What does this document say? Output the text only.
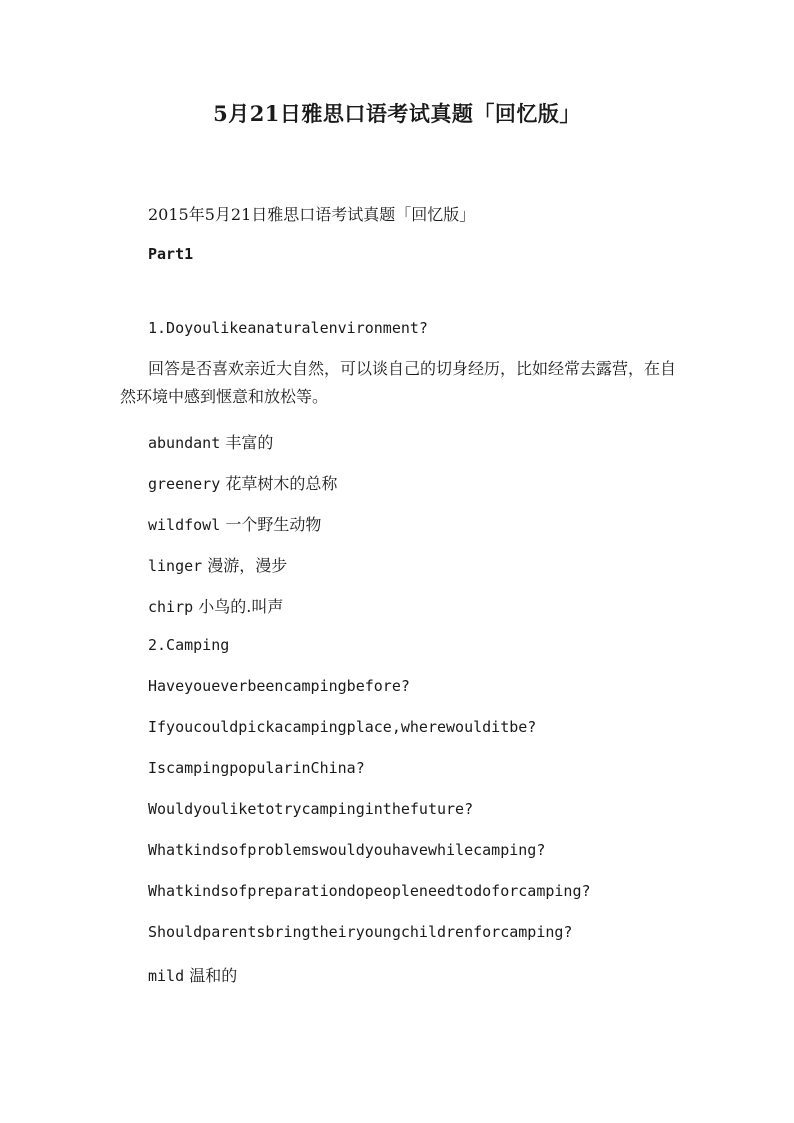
5月21日雅思口语考试真题「回忆版」
2015年5月21日雅思口语考试真题「回忆版」
Part1
1.Doyoulikeanaturalenvironment?
回答是否喜欢亲近大自然，可以谈自己的切身经历，比如经常去露营，在自然环境中感到惬意和放松等。
abundant 丰富的
greenery 花草树木的总称
wildfowl 一个野生动物
linger 漫游，漫步
chirp 小鸟的.叫声
2.Camping
Haveyoueverbeencampingbefore?
Ifyoucouldpickacampingplace,wherewoulditbe?
IscampingpopularinChina?
Wouldyouliketotrycampinginthefuture?
Whatkindsofproblemswouldyouhavewhilecamping?
Whatkindsofpreparationdopeopleneedtodoforcamping?
Shouldparentsbringtheiryoungchildrenforcamping?
mild 温和的
